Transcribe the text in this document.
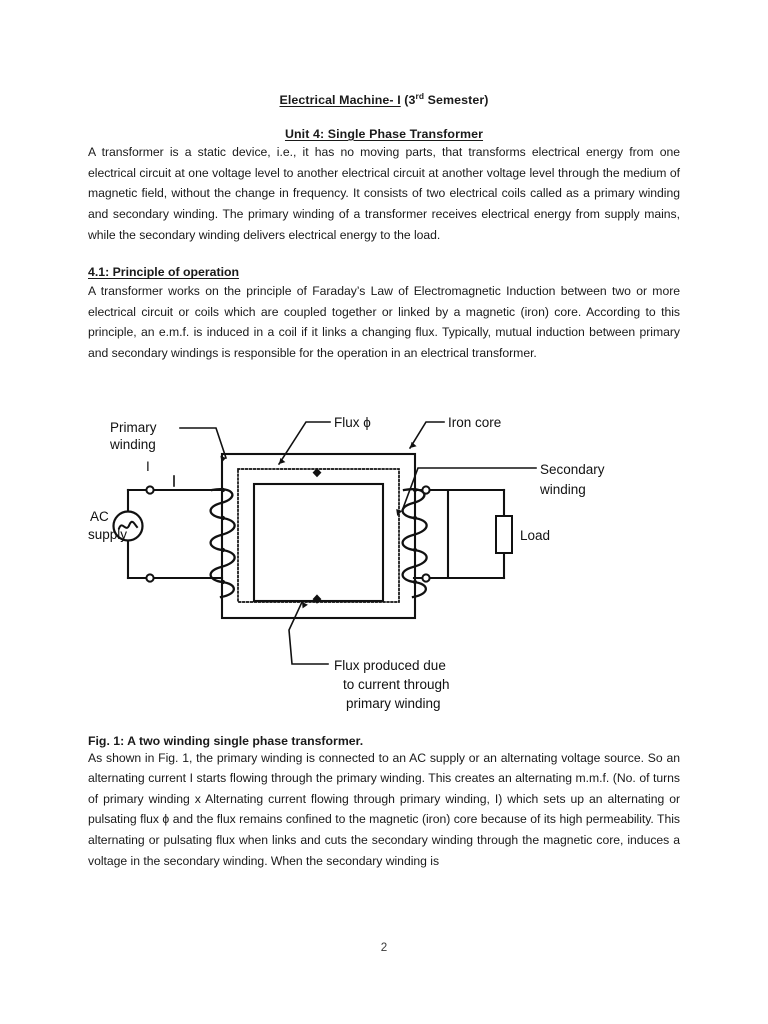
Electrical Machine- I (3rd Semester)
Unit 4: Single Phase Transformer

A transformer is a static device, i.e., it has no moving parts, that transforms electrical energy from one electrical circuit at one voltage level to another electrical circuit at another voltage level through the medium of magnetic field, without the change in frequency. It consists of two electrical coils called as a primary winding and secondary winding. The primary winding of a transformer receives electrical energy from supply mains, while the secondary winding delivers electrical energy to the load.

4.1: Principle of operation

A transformer works on the principle of Faraday’s Law of Electromagnetic Induction between two or more electrical circuit or coils which are coupled together or linked by a magnetic (iron) core. According to this principle, an e.m.f. is induced in a coil if it links a changing flux. Typically, mutual induction between primary and secondary windings is responsible for the operation in an electrical transformer.

Primary
winding
I
AC
supply
Flux ϕ	Iron core
Secondary
winding
Load
Flux produced due
to current through
primary winding
Fig. 1: A two winding single phase transformer.

As shown in Fig. 1, the primary winding is connected to an AC supply or an alternating voltage source. So an alternating current I starts flowing through the primary winding. This creates an alternating m.m.f. (No. of turns of primary winding x Alternating current flowing through primary winding, I) which sets up an alternating or pulsating flux ϕ and the flux remains confined to the magnetic (iron) core because of its high permeability. This alternating or pulsating flux when links and cuts the secondary winding through the magnetic core, induces a voltage in the secondary winding. When the secondary winding is

2
